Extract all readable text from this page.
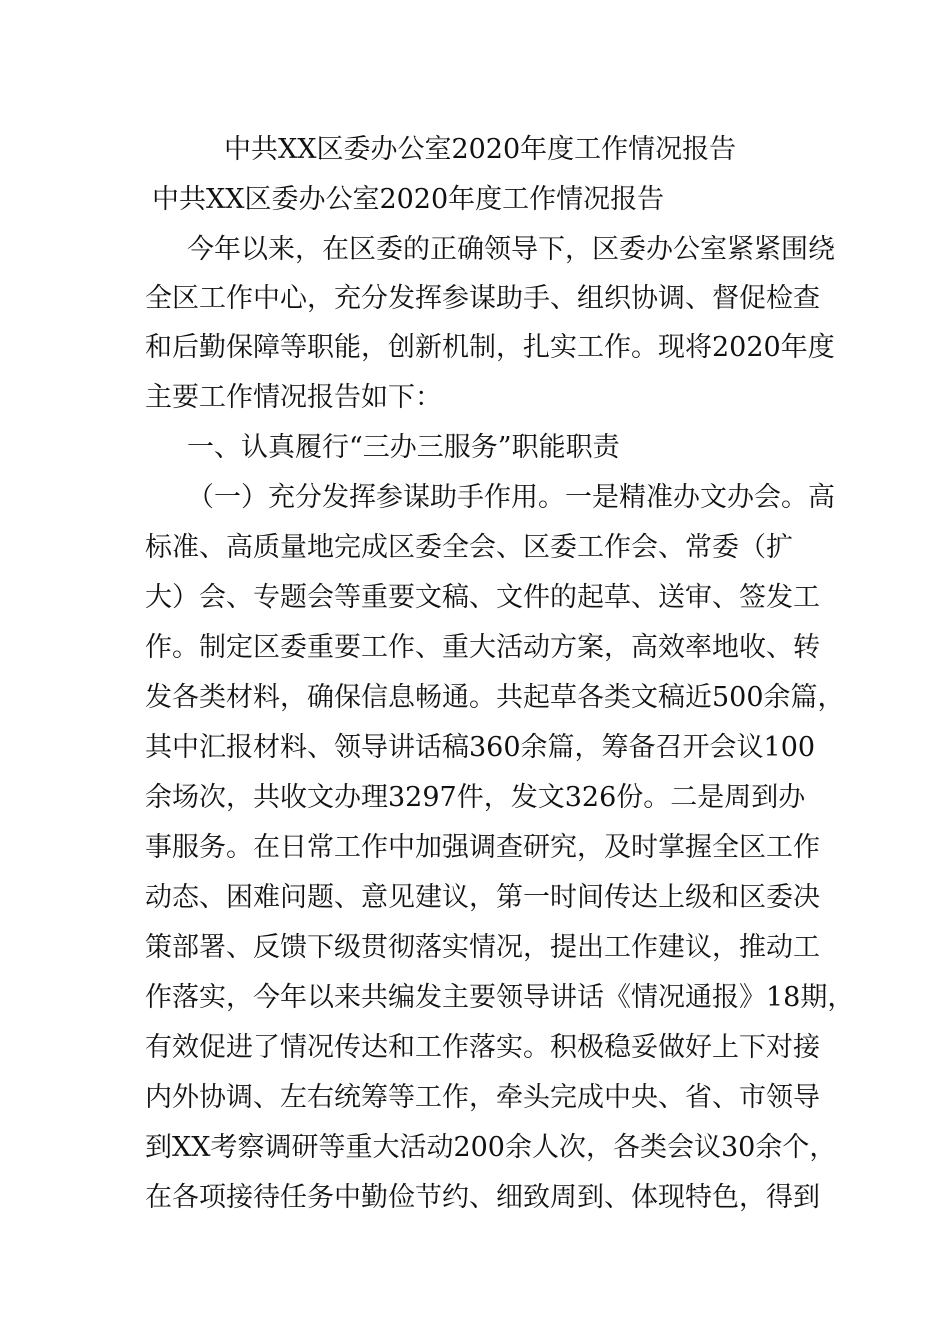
中共XX区委办公室2020年度工作情况报告
中共XX区委办公室2020年度工作情况报告
今年以来，在区委的正确领导下，区委办公室紧紧围绕
全区工作中心，充分发挥参谋助手、组织协调、督促检查
和后勤保障等职能，创新机制，扎实工作。现将2020年度
主要工作情况报告如下：
一、认真履行“三办三服务”职能职责
（一）充分发挥参谋助手作用。一是精准办文办会。高
标准、高质量地完成区委全会、区委工作会、常委（扩
大）会、专题会等重要文稿、文件的起草、送审、签发工
作。制定区委重要工作、重大活动方案，高效率地收、转
发各类材料，确保信息畅通。共起草各类文稿近500余篇，
其中汇报材料、领导讲话稿360余篇，筹备召开会议100
余场次，共收文办理3297件，发文326份。二是周到办
事服务。在日常工作中加强调查研究，及时掌握全区工作
动态、困难问题、意见建议，第一时间传达上级和区委决
策部署、反馈下级贯彻落实情况，提出工作建议，推动工
作落实，今年以来共编发主要领导讲话《情况通报》18期，
有效促进了情况传达和工作落实。积极稳妥做好上下对接
内外协调、左右统筹等工作，牵头完成中央、省、市领导
到XX考察调研等重大活动200余人次，各类会议30余个，
在各项接待任务中勤俭节约、细致周到、体现特色，得到
